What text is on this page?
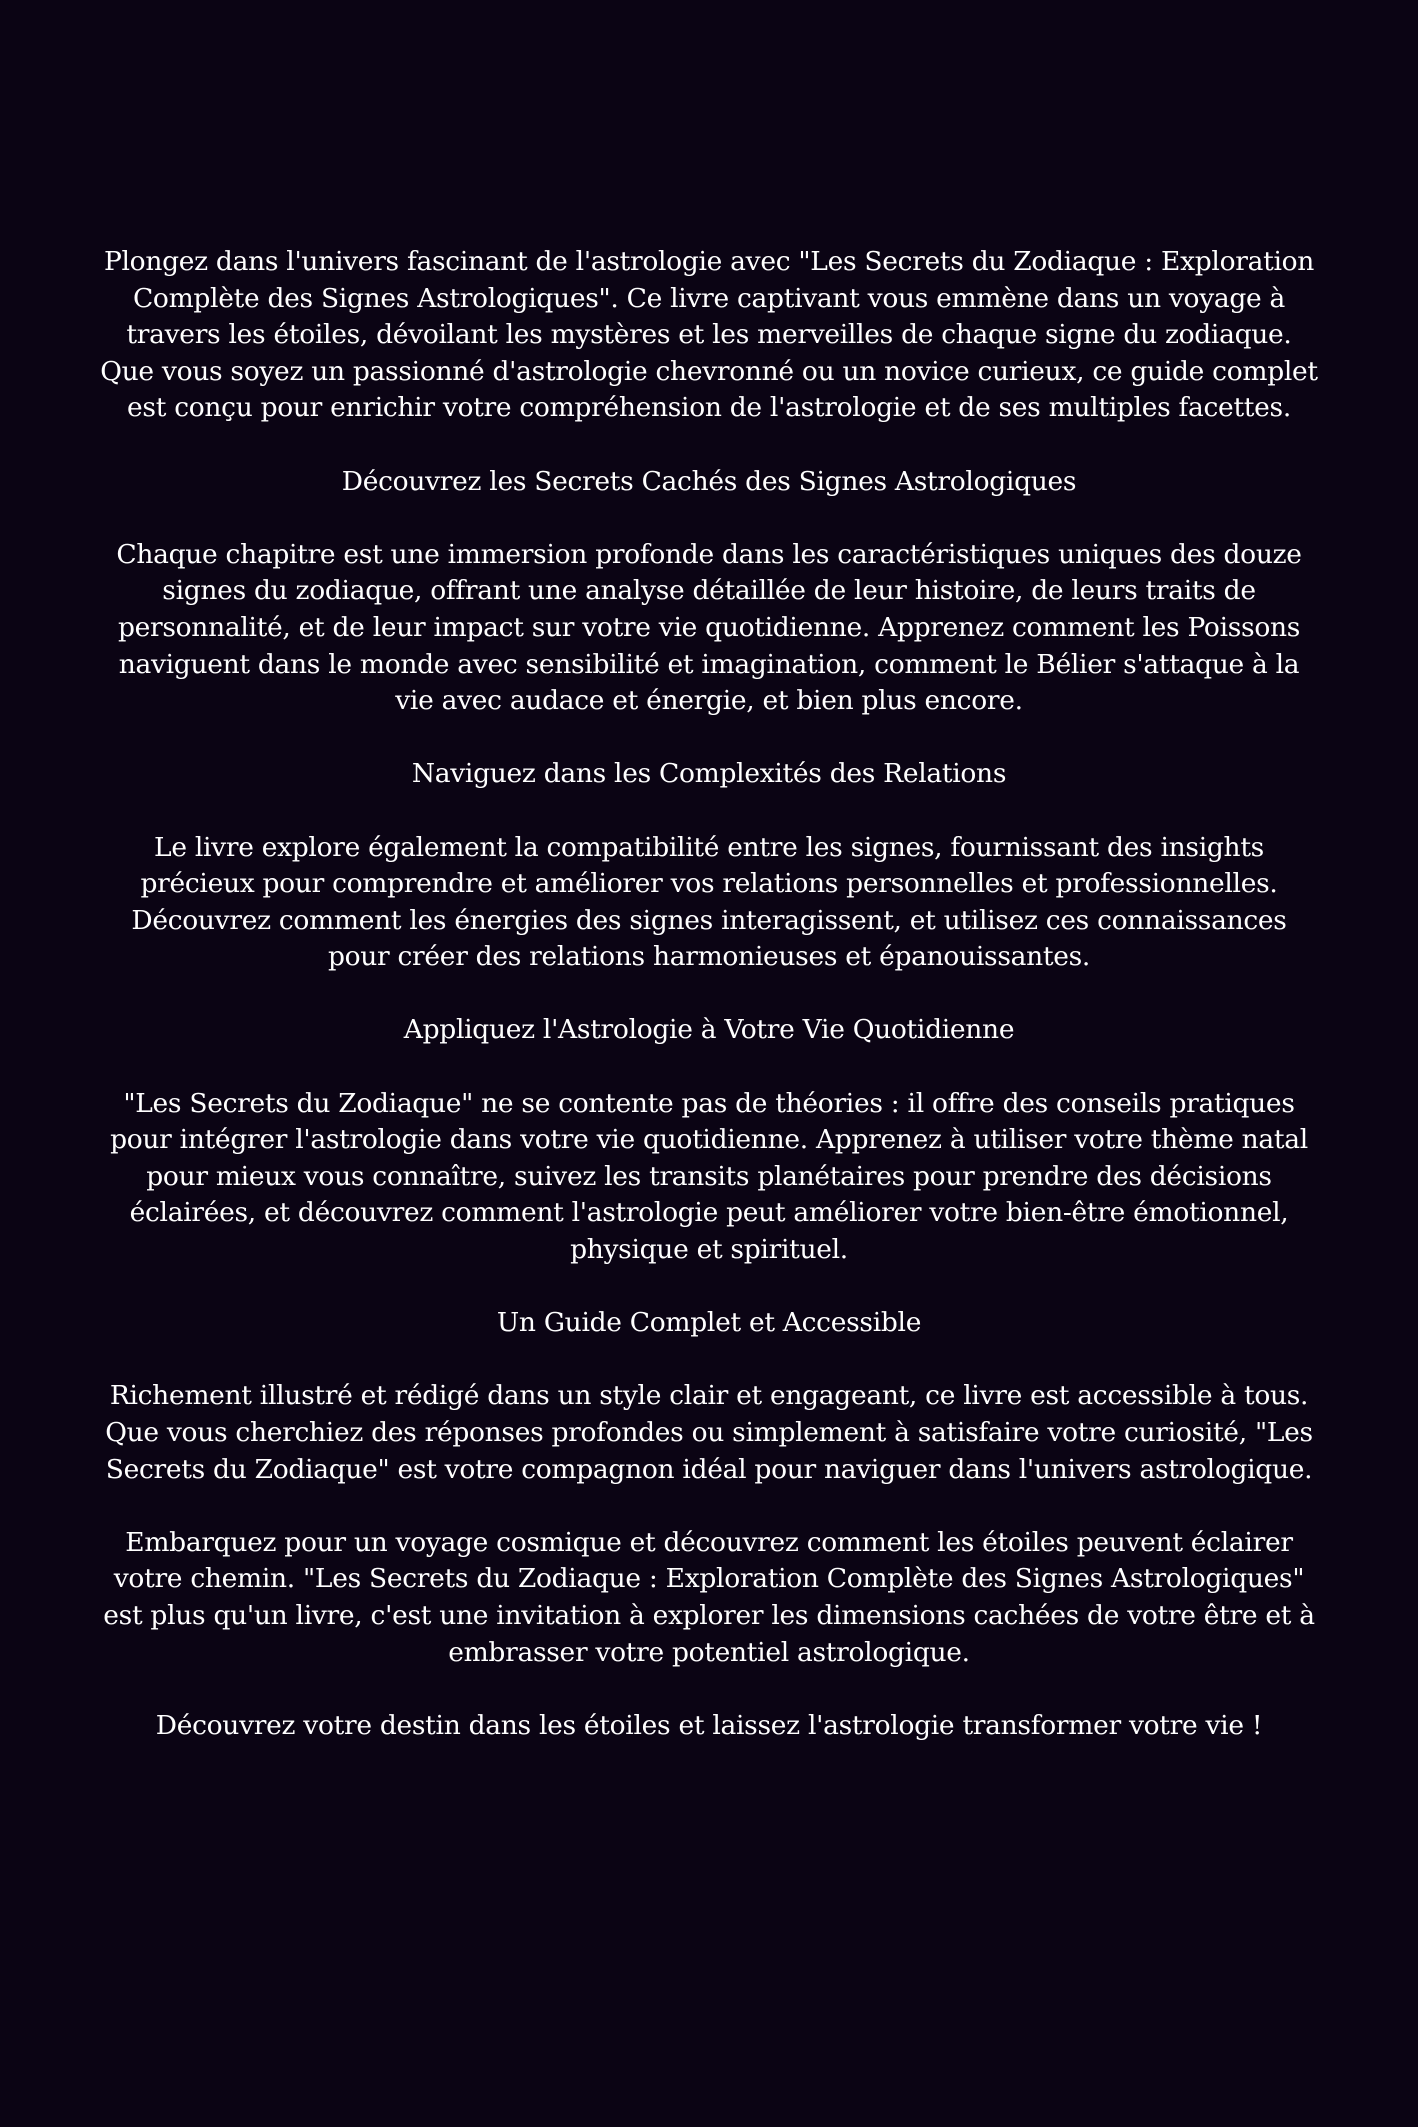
Plongez dans l'univers fascinant de l'astrologie avec "Les Secrets du Zodiaque : Exploration Complète des Signes Astrologiques". Ce livre captivant vous emmène dans un voyage à travers les étoiles, dévoilant les mystères et les merveilles de chaque signe du zodiaque. Que vous soyez un passionné d'astrologie chevronné ou un novice curieux, ce guide complet est conçu pour enrichir votre compréhension de l'astrologie et de ses multiples facettes.

Découvrez les Secrets Cachés des Signes Astrologiques

Chaque chapitre est une immersion profonde dans les caractéristiques uniques des douze signes du zodiaque, offrant une analyse détaillée de leur histoire, de leurs traits de personnalité, et de leur impact sur votre vie quotidienne. Apprenez comment les Poissons naviguent dans le monde avec sensibilité et imagination, comment le Bélier s'attaque à la vie avec audace et énergie, et bien plus encore.

Naviguez dans les Complexités des Relations

Le livre explore également la compatibilité entre les signes, fournissant des insights précieux pour comprendre et améliorer vos relations personnelles et professionnelles. Découvrez comment les énergies des signes interagissent, et utilisez ces connaissances pour créer des relations harmonieuses et épanouissantes.

Appliquez l'Astrologie à Votre Vie Quotidienne

"Les Secrets du Zodiaque" ne se contente pas de théories : il offre des conseils pratiques pour intégrer l'astrologie dans votre vie quotidienne. Apprenez à utiliser votre thème natal pour mieux vous connaître, suivez les transits planétaires pour prendre des décisions éclairées, et découvrez comment l'astrologie peut améliorer votre bien-être émotionnel, physique et spirituel.

Un Guide Complet et Accessible

Richement illustré et rédigé dans un style clair et engageant, ce livre est accessible à tous. Que vous cherchiez des réponses profondes ou simplement à satisfaire votre curiosité, "Les Secrets du Zodiaque" est votre compagnon idéal pour naviguer dans l'univers astrologique.

Embarquez pour un voyage cosmique et découvrez comment les étoiles peuvent éclairer votre chemin. "Les Secrets du Zodiaque : Exploration Complète des Signes Astrologiques" est plus qu'un livre, c'est une invitation à explorer les dimensions cachées de votre être et à embrasser votre potentiel astrologique.

Découvrez votre destin dans les étoiles et laissez l'astrologie transformer votre vie !
